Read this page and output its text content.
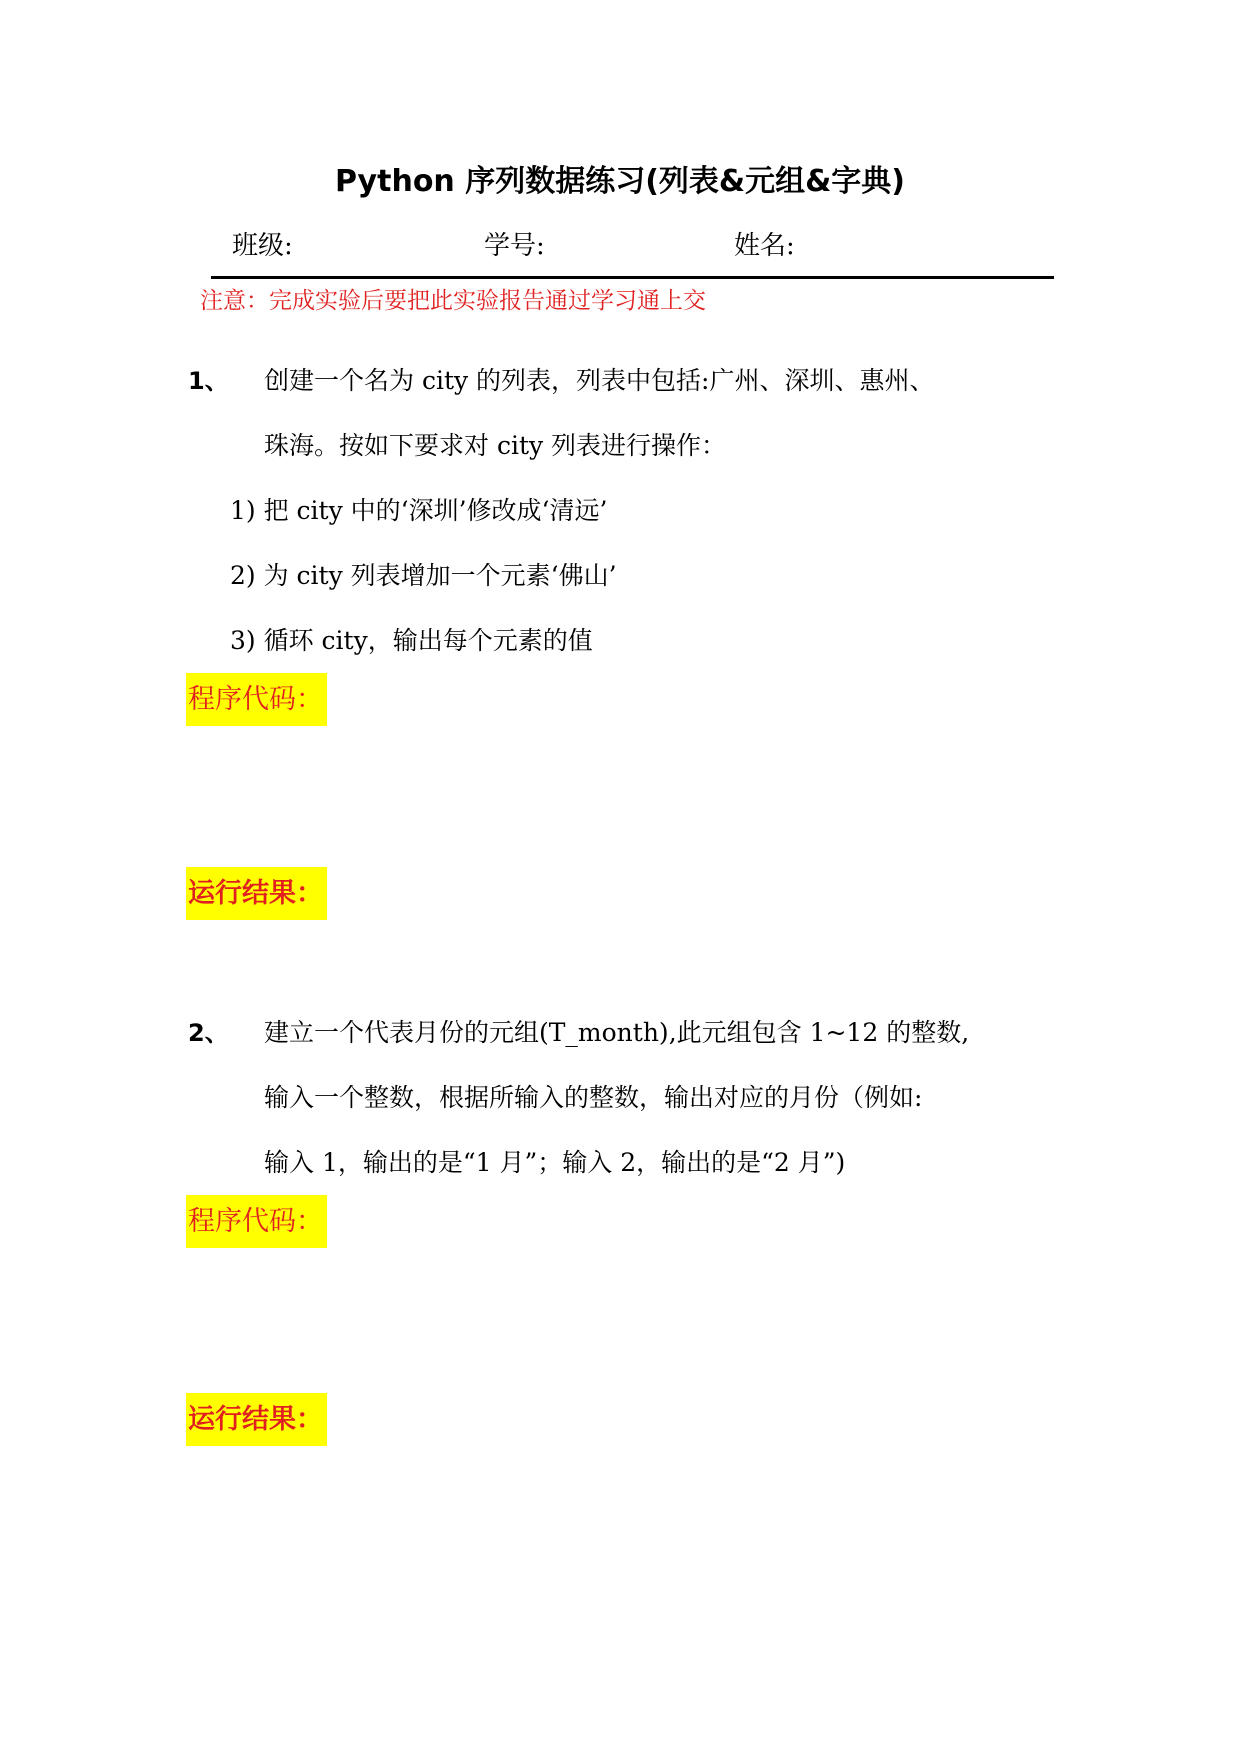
Python 序列数据练习(列表&元组&字典)
班级:	学号:	姓名:
注意：完成实验后要把此实验报告通过学习通上交
1、 创建一个名为 city 的列表，列表中包括:广州、深圳、惠州、
珠海。按如下要求对 city 列表进行操作：
1) 把 city 中的‘深圳’修改成‘清远’
2) 为 city 列表增加一个元素‘佛山’
3) 循环 city，输出每个元素的值
程序代码：
运行结果：
2、 建立一个代表月份的元组(T_month),此元组包含 1~12 的整数,
输入一个整数，根据所输入的整数，输出对应的月份（例如:
输入 1，输出的是“1 月”；输入 2，输出的是“2 月”)
程序代码：
运行结果：
